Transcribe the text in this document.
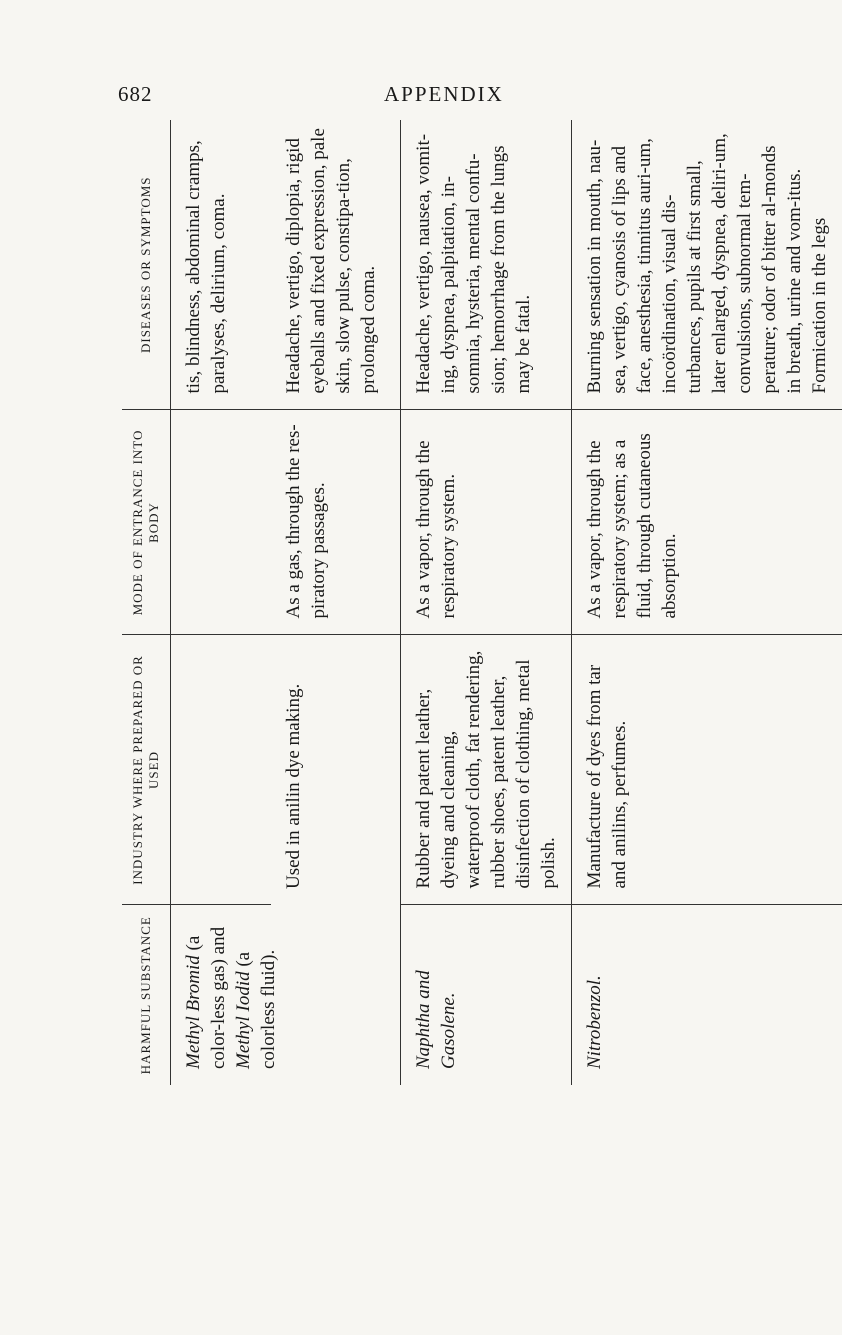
682	APPENDIX
HARMFUL SUBSTANCE	INDUSTRY WHERE PREPARED OR USED	MODE OF ENTRANCE INTO BODY	DISEASES OR SYMPTOMS
Methyl Bromid (a color-less gas) and Methyl Iodid (a colorless fluid).			tis, blindness, abdominal cramps, paralyses, delirium, coma.
	Used in anilin dye making.	As a gas, through the res-piratory passages.	Headache, vertigo, diplopia, rigid eyeballs and fixed expression, pale skin, slow pulse, constipa-tion, prolonged coma.
Naphtha and Gasolene.	Rubber and patent leather, dyeing and cleaning, waterproof cloth, fat rendering, rubber shoes, patent leather, disinfection of clothing, metal polish.	As a vapor, through the respiratory system.	Headache, vertigo, nausea, vomit-ing, dyspnea, palpitation, in-somnia, hysteria, mental confu-sion; hemorrhage from the lungs may be fatal.
Nitrobenzol.	Manufacture of dyes from tar and anilins, perfumes.	As a vapor, through the respiratory system; as a fluid, through cutaneous absorption.	Burning sensation in mouth, nau-sea, vertigo, cyanosis of lips and face, anesthesia, tinnitus auri-um, incoördination, visual dis-turbances, pupils at first small, later enlarged, dyspnea, deliri-um, convulsions, subnormal tem-perature; odor of bitter al-monds in breath, urine and vom-itus. Formication in the legs
